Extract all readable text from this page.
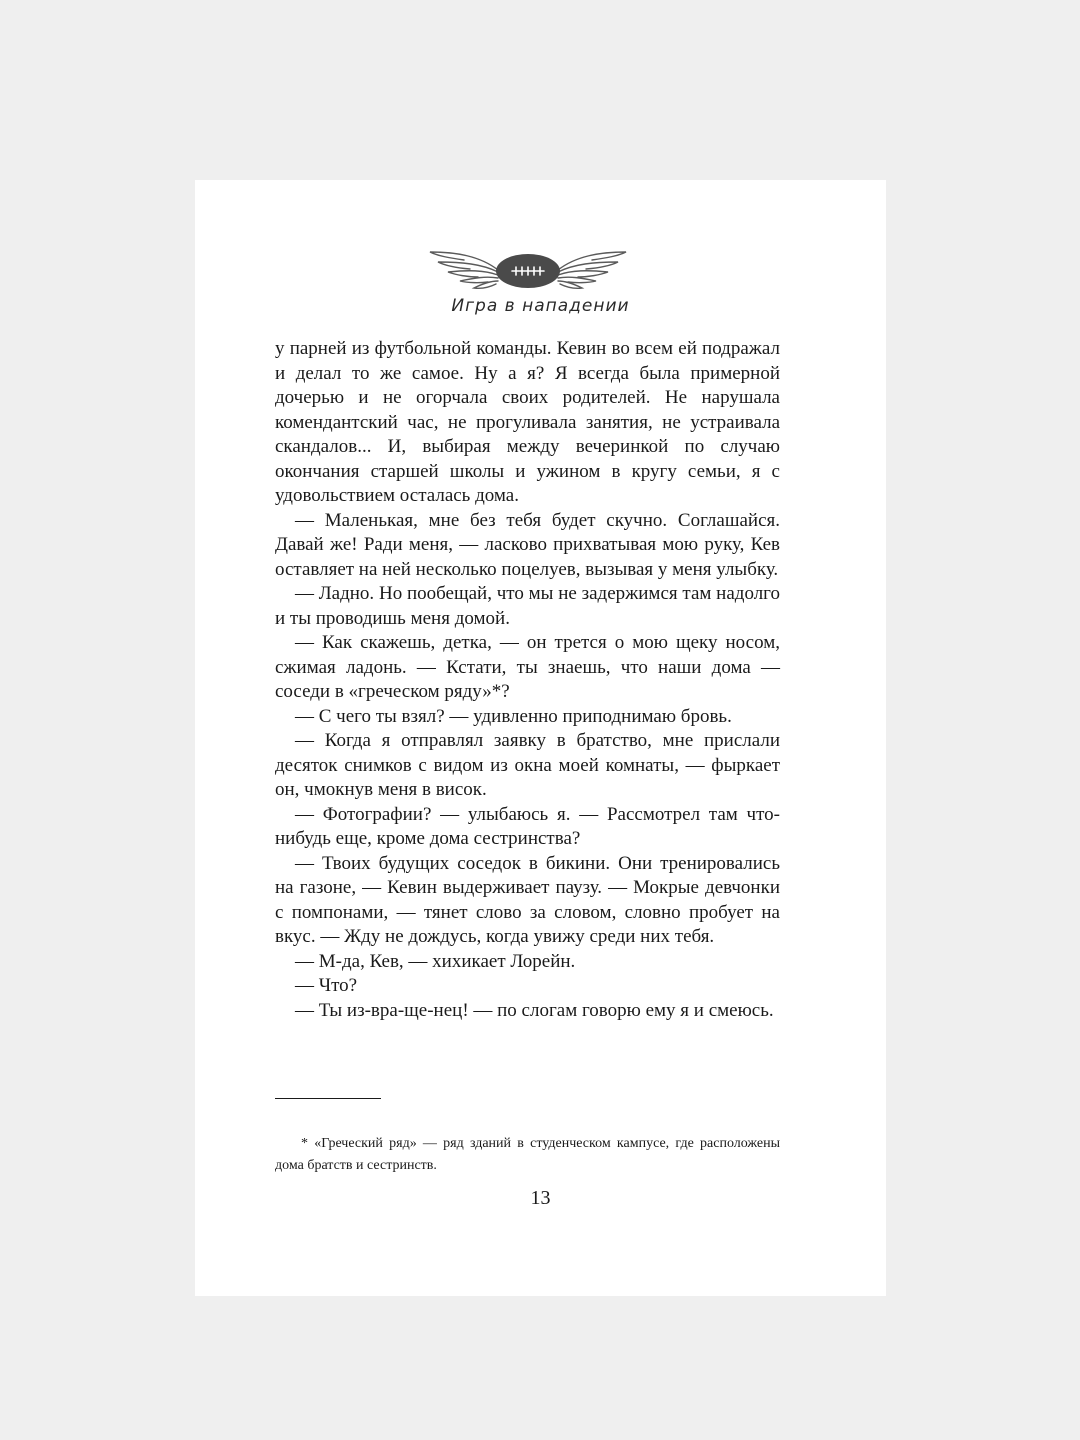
Игра в нападении

у парней из футбольной команды. Кевин во всем ей подражал и делал то же самое. Ну а я? Я всегда была примерной дочерью и не огорчала своих родителей. Не нарушала комендантский час, не прогуливала занятия, не устраивала скандалов... И, выбирая между вечеринкой по случаю окончания старшей школы и ужином в кругу семьи, я с удовольствием осталась дома.

— Маленькая, мне без тебя будет скучно. Соглашайся. Давай же! Ради меня, — ласково прихватывая мою руку, Кев оставляет на ней несколько поцелуев, вызывая у меня улыбку.

— Ладно. Но пообещай, что мы не задержимся там надолго и ты проводишь меня домой.

— Как скажешь, детка, — он трется о мою щеку носом, сжимая ладонь. — Кстати, ты знаешь, что наши дома — соседи в «греческом ряду»*?

— С чего ты взял? — удивленно приподнимаю бровь.

— Когда я отправлял заявку в братство, мне прислали десяток снимков с видом из окна моей комнаты, — фыркает он, чмокнув меня в висок.

— Фотографии? — улыбаюсь я. — Рассмотрел там что-нибудь еще, кроме дома сестринства?

— Твоих будущих соседок в бикини. Они тренировались на газоне, — Кевин выдерживает паузу. — Мокрые девчонки с помпонами, — тянет слово за словом, словно пробует на вкус. — Жду не дождусь, когда увижу среди них тебя.

— М-да, Кев, — хихикает Лорейн.

— Что?

— Ты из-вра-ще-нец! — по слогам говорю ему я и смеюсь.

* «Греческий ряд» — ряд зданий в студенческом кампусе, где расположены дома братств и сестринств.

13
